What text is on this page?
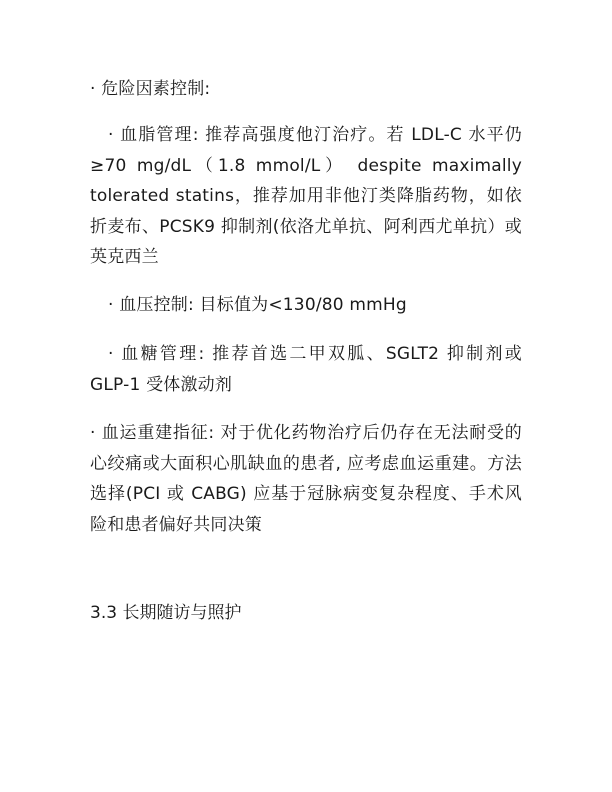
· 危险因素控制:

· 血脂管理: 推荐高强度他汀治疗。若 LDL-C 水平仍≥70 mg/dL（1.8 mmol/L） despite maximally tolerated statins，推荐加用非他汀类降脂药物，如依折麦布、PCSK9 抑制剂(依洛尤单抗、阿利西尤单抗）或英克西兰

· 血压控制: 目标值为<130/80 mmHg

· 血糖管理: 推荐首选二甲双胍、SGLT2 抑制剂或 GLP-1 受体激动剂

· 血运重建指征: 对于优化药物治疗后仍存在无法耐受的心绞痛或大面积心肌缺血的患者, 应考虑血运重建。方法选择(PCI 或 CABG) 应基于冠脉病变复杂程度、手术风险和患者偏好共同决策

3.3 长期随访与照护
